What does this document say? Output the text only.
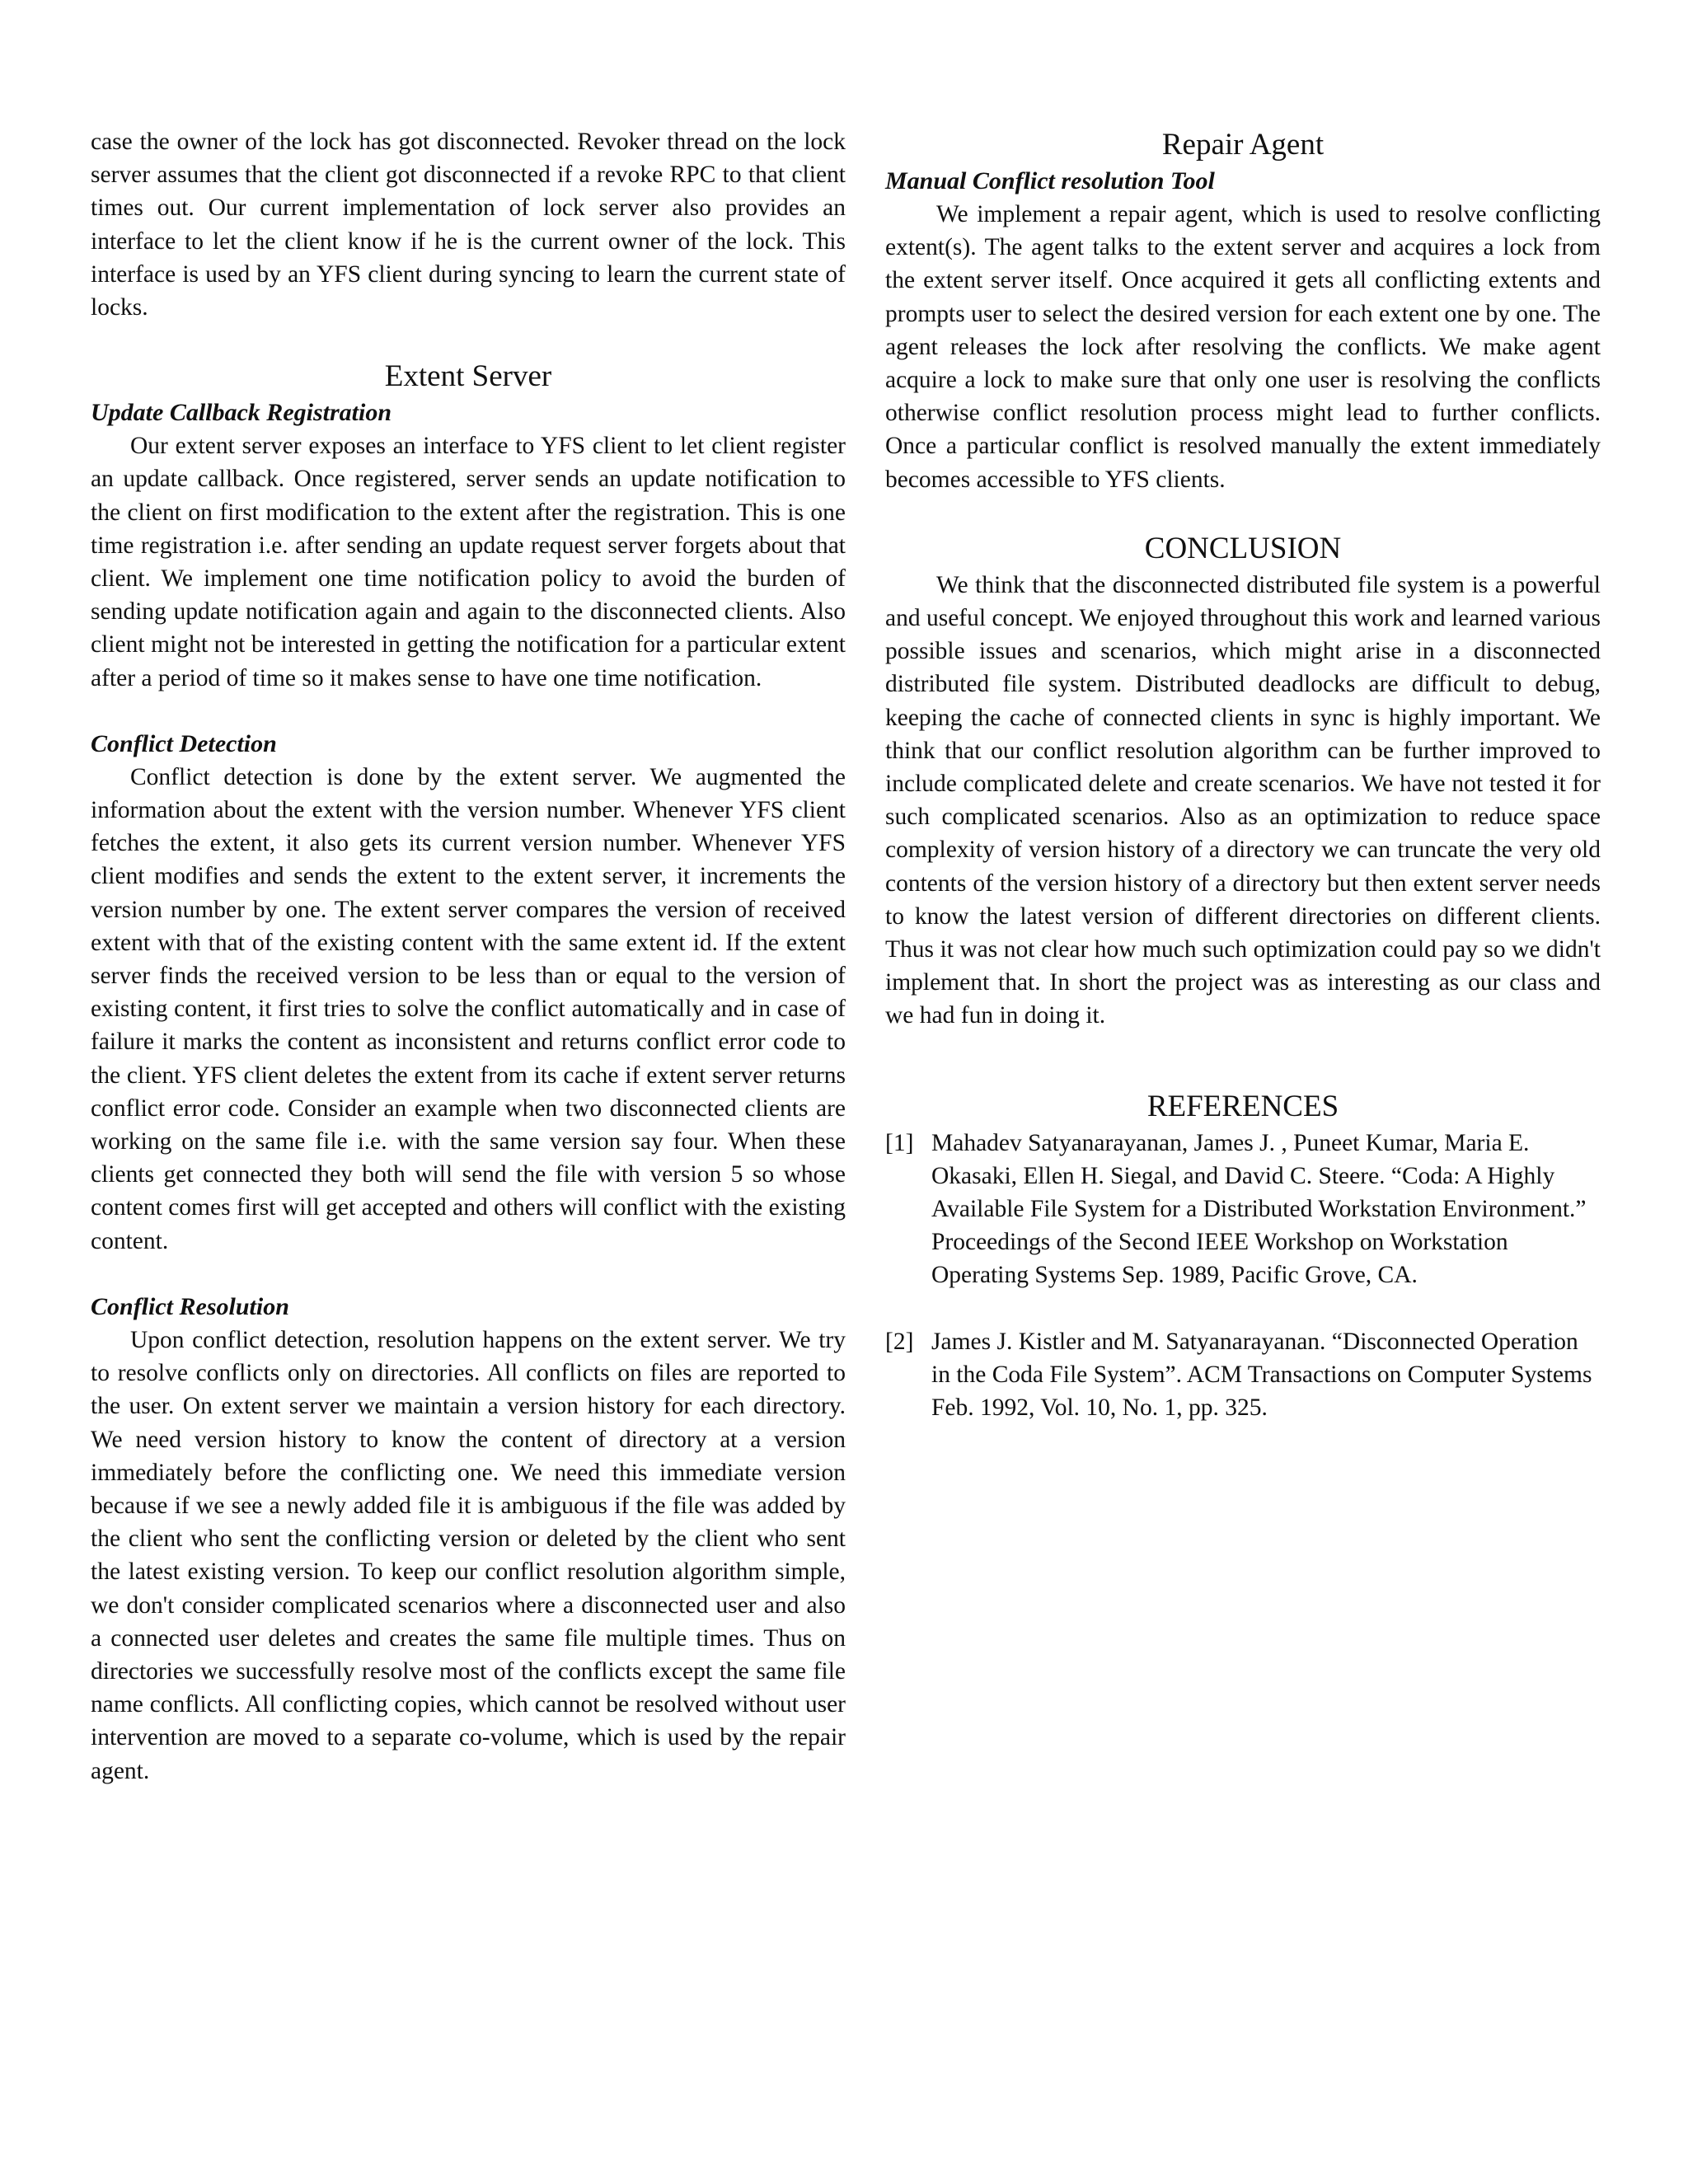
case the owner of the lock has got disconnected. Revoker thread on the lock server assumes that the client got disconnected if a revoke RPC to that client times out. Our current implementation of lock server also provides an interface to let the client know if he is the current owner of the lock. This interface is used by an YFS client during syncing to learn the current state of locks.

Extent Server
Update Callback Registration

Our extent server exposes an interface to YFS client to let client register an update callback. Once registered, server sends an update notification to the client on first modification to the extent after the registration. This is one time registration i.e. after sending an update request server forgets about that client. We implement one time notification policy to avoid the burden of sending update notification again and again to the disconnected clients. Also client might not be interested in getting the notification for a particular extent after a period of time so it makes sense to have one time notification.

Conflict Detection

Conflict detection is done by the extent server. We augmented the information about the extent with the version number. Whenever YFS client fetches the extent, it also gets its current version number. Whenever YFS client modifies and sends the extent to the extent server, it increments the version number by one. The extent server compares the version of received extent with that of the existing content with the same extent id. If the extent server finds the received version to be less than or equal to the version of existing content, it first tries to solve the conflict automatically and in case of failure it marks the content as inconsistent and returns conflict error code to the client. YFS client deletes the extent from its cache if extent server returns conflict error code. Consider an example when two disconnected clients are working on the same file i.e. with the same version say four. When these clients get connected they both will send the file with version 5 so whose content comes first will get accepted and others will conflict with the existing content.

Conflict Resolution

Upon conflict detection, resolution happens on the extent server. We try to resolve conflicts only on directories. All conflicts on files are reported to the user. On extent server we maintain a version history for each directory. We need version history to know the content of directory at a version immediately before the conflicting one. We need this immediate version because if we see a newly added file it is ambiguous if the file was added by the client who sent the conflicting version or deleted by the client who sent the latest existing version. To keep our conflict resolution algorithm simple, we don't consider complicated scenarios where a disconnected user and also a connected user deletes and creates the same file multiple times. Thus on directories we successfully resolve most of the conflicts except the same file name conflicts. All conflicting copies, which cannot be resolved without user intervention are moved to a separate co-volume, which is used by the repair agent.

Repair Agent
Manual Conflict resolution Tool

We implement a repair agent, which is used to resolve conflicting extent(s). The agent talks to the extent server and acquires a lock from the extent server itself. Once acquired it gets all conflicting extents and prompts user to select the desired version for each extent one by one. The agent releases the lock after resolving the conflicts. We make agent acquire a lock to make sure that only one user is resolving the conflicts otherwise conflict resolution process might lead to further conflicts. Once a particular conflict is resolved manually the extent immediately becomes accessible to YFS clients.

CONCLUSION

We think that the disconnected distributed file system is a powerful and useful concept. We enjoyed throughout this work and learned various possible issues and scenarios, which might arise in a disconnected distributed file system. Distributed deadlocks are difficult to debug, keeping the cache of connected clients in sync is highly important. We think that our conflict resolution algorithm can be further improved to include complicated delete and create scenarios. We have not tested it for such complicated scenarios. Also as an optimization to reduce space complexity of version history of a directory we can truncate the very old contents of the version history of a directory but then extent server needs to know the latest version of different directories on different clients. Thus it was not clear how much such optimization could pay so we didn't implement that. In short the project was as interesting as our class and we had fun in doing it.

REFERENCES
[1] Mahadev Satyanarayanan, James J. , Puneet Kumar, Maria E. Okasaki, Ellen H. Siegal, and David C. Steere. “Coda: A Highly Available File System for a Distributed Workstation Environment.” Proceedings of the Second IEEE Workshop on Workstation Operating Systems Sep. 1989, Pacific Grove, CA.
[2] James J. Kistler and M. Satyanarayanan. “Disconnected Operation in the Coda File System”. ACM Transactions on Computer Systems Feb. 1992, Vol. 10, No. 1, pp. 325.
